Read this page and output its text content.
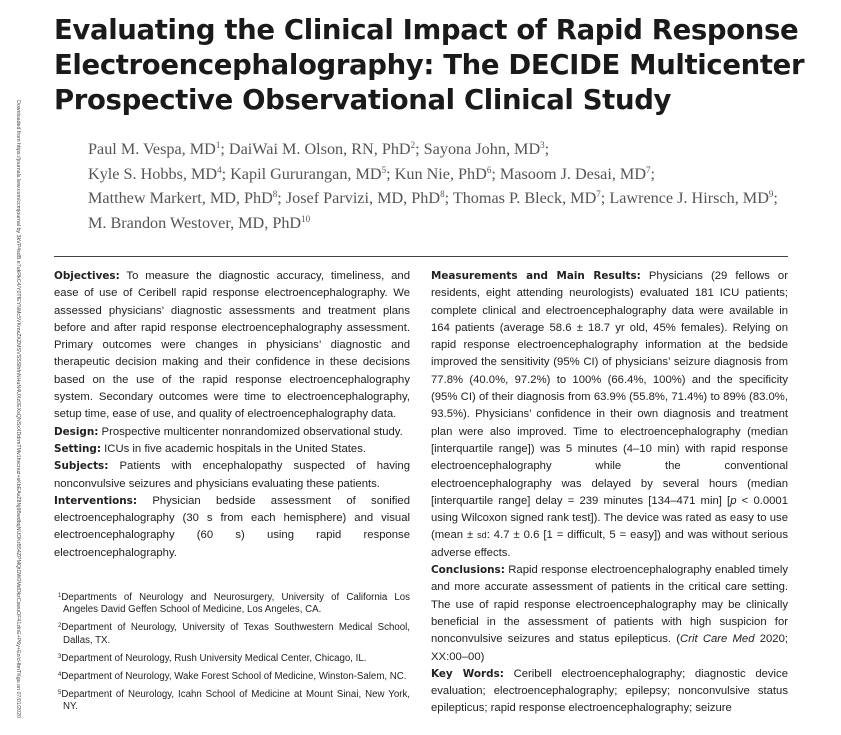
Downloaded from https://journals.lww.com/ccmjournal by 3kVP4sdB.e7ukRkC4/Y0TfEYNMc5VKmxZKZMSVSSSlhfnNHuN4UXz0EXsQNSxXDdrmTMv1hxcnuz+sKbEAvZ8Nj9BwdbqNUDKrB54ZPMQtDW0MdDkzCswuOF41zlnE+P6y+Ez/cHbnTKgu on 07/01/2020
Evaluating the Clinical Impact of Rapid Response Electroencephalography: The DECIDE Multicenter Prospective Observational Clinical Study

Paul M. Vespa, $MD^1$; DaiWai M. Olson, RN, PhD$^2$; Sayona John, $MD^3$;
Kyle S. Hobbs, $MD^4$; Kapil Gururangan, $MD^5$; Kun Nie, PhD$^6$; Masoom J. Desai, $MD^7$;
Matthew Markert, MD, PhD$^8$; Josef Parvizi, MD, PhD$^8$; Thomas P. Bleck, $MD^7$; Lawrence J. Hirsch, $MD^9$;
M. Brandon Westover, MD, PhD$^{10}$

Objectives: To measure the diagnostic accuracy, timeliness, and ease of use of Ceribell rapid response electroencephalography. We assessed physicians’ diagnostic assessments and treatment plans before and after rapid response electroencephalography assessment. Primary outcomes were changes in physicians’ diagnostic and therapeutic decision making and their confidence in these decisions based on the use of the rapid response electroencephalography system. Secondary outcomes were time to electroencephalography, setup time, ease of use, and quality of electroencephalography data.

Design: Prospective multicenter nonrandomized observational study.

Setting: ICUs in five academic hospitals in the United States.

Subjects: Patients with encephalopathy suspected of having nonconvulsive seizures and physicians evaluating these patients.

Interventions: Physician bedside assessment of sonified electroencephalography (30 s from each hemisphere) and visual electroencephalography (60 s) using rapid response electroencephalography.

$^1$Departments of Neurology and Neurosurgery, University of California Los Angeles David Geffen School of Medicine, Los Angeles, CA.

$^2$Department of Neurology, University of Texas Southwestern Medical School, Dallas, TX.

$^3$Department of Neurology, Rush University Medical Center, Chicago, IL.

$^4$Department of Neurology, Wake Forest School of Medicine, Winston-Salem, NC.

$^5$Department of Neurology, Icahn School of Medicine at Mount Sinai, New York, NY.

Measurements and Main Results: Physicians (29 fellows or residents, eight attending neurologists) evaluated 181 ICU patients; complete clinical and electroencephalography data were available in 164 patients (average 58.6 ± 18.7 yr old, 45% females). Relying on rapid response electroencephalography information at the bedside improved the sensitivity (95% CI) of physicians’ seizure diagnosis from 77.8% (40.0%, 97.2%) to 100% (66.4%, 100%) and the specificity (95% CI) of their diagnosis from 63.9% (55.8%, 71.4%) to 89% (83.0%, 93.5%). Physicians’ confidence in their own diagnosis and treatment plan were also improved. Time to electroencephalography (median [interquartile range]) was 5 minutes (4–10 min) with rapid response electroencephalography while the conventional electroencephalography was delayed by several hours (median [interquartile range] delay = 239 minutes [134–471 min] [p < 0.0001 using Wilcoxon signed rank test]). The device was rated as easy to use (mean ± sd: 4.7 ± 0.6 [1 = difficult, 5 = easy]) and was without serious adverse effects.

Conclusions: Rapid response electroencephalography enabled timely and more accurate assessment of patients in the critical care setting. The use of rapid response electroencephalography may be clinically beneficial in the assessment of patients with high suspicion for nonconvulsive seizures and status epilepticus. (Crit Care Med 2020; XX:00–00)

Key Words: Ceribell electroencephalography; diagnostic device evaluation; electroencephalography; epilepsy; nonconvulsive status epilepticus; rapid response electroencephalography; seizure
